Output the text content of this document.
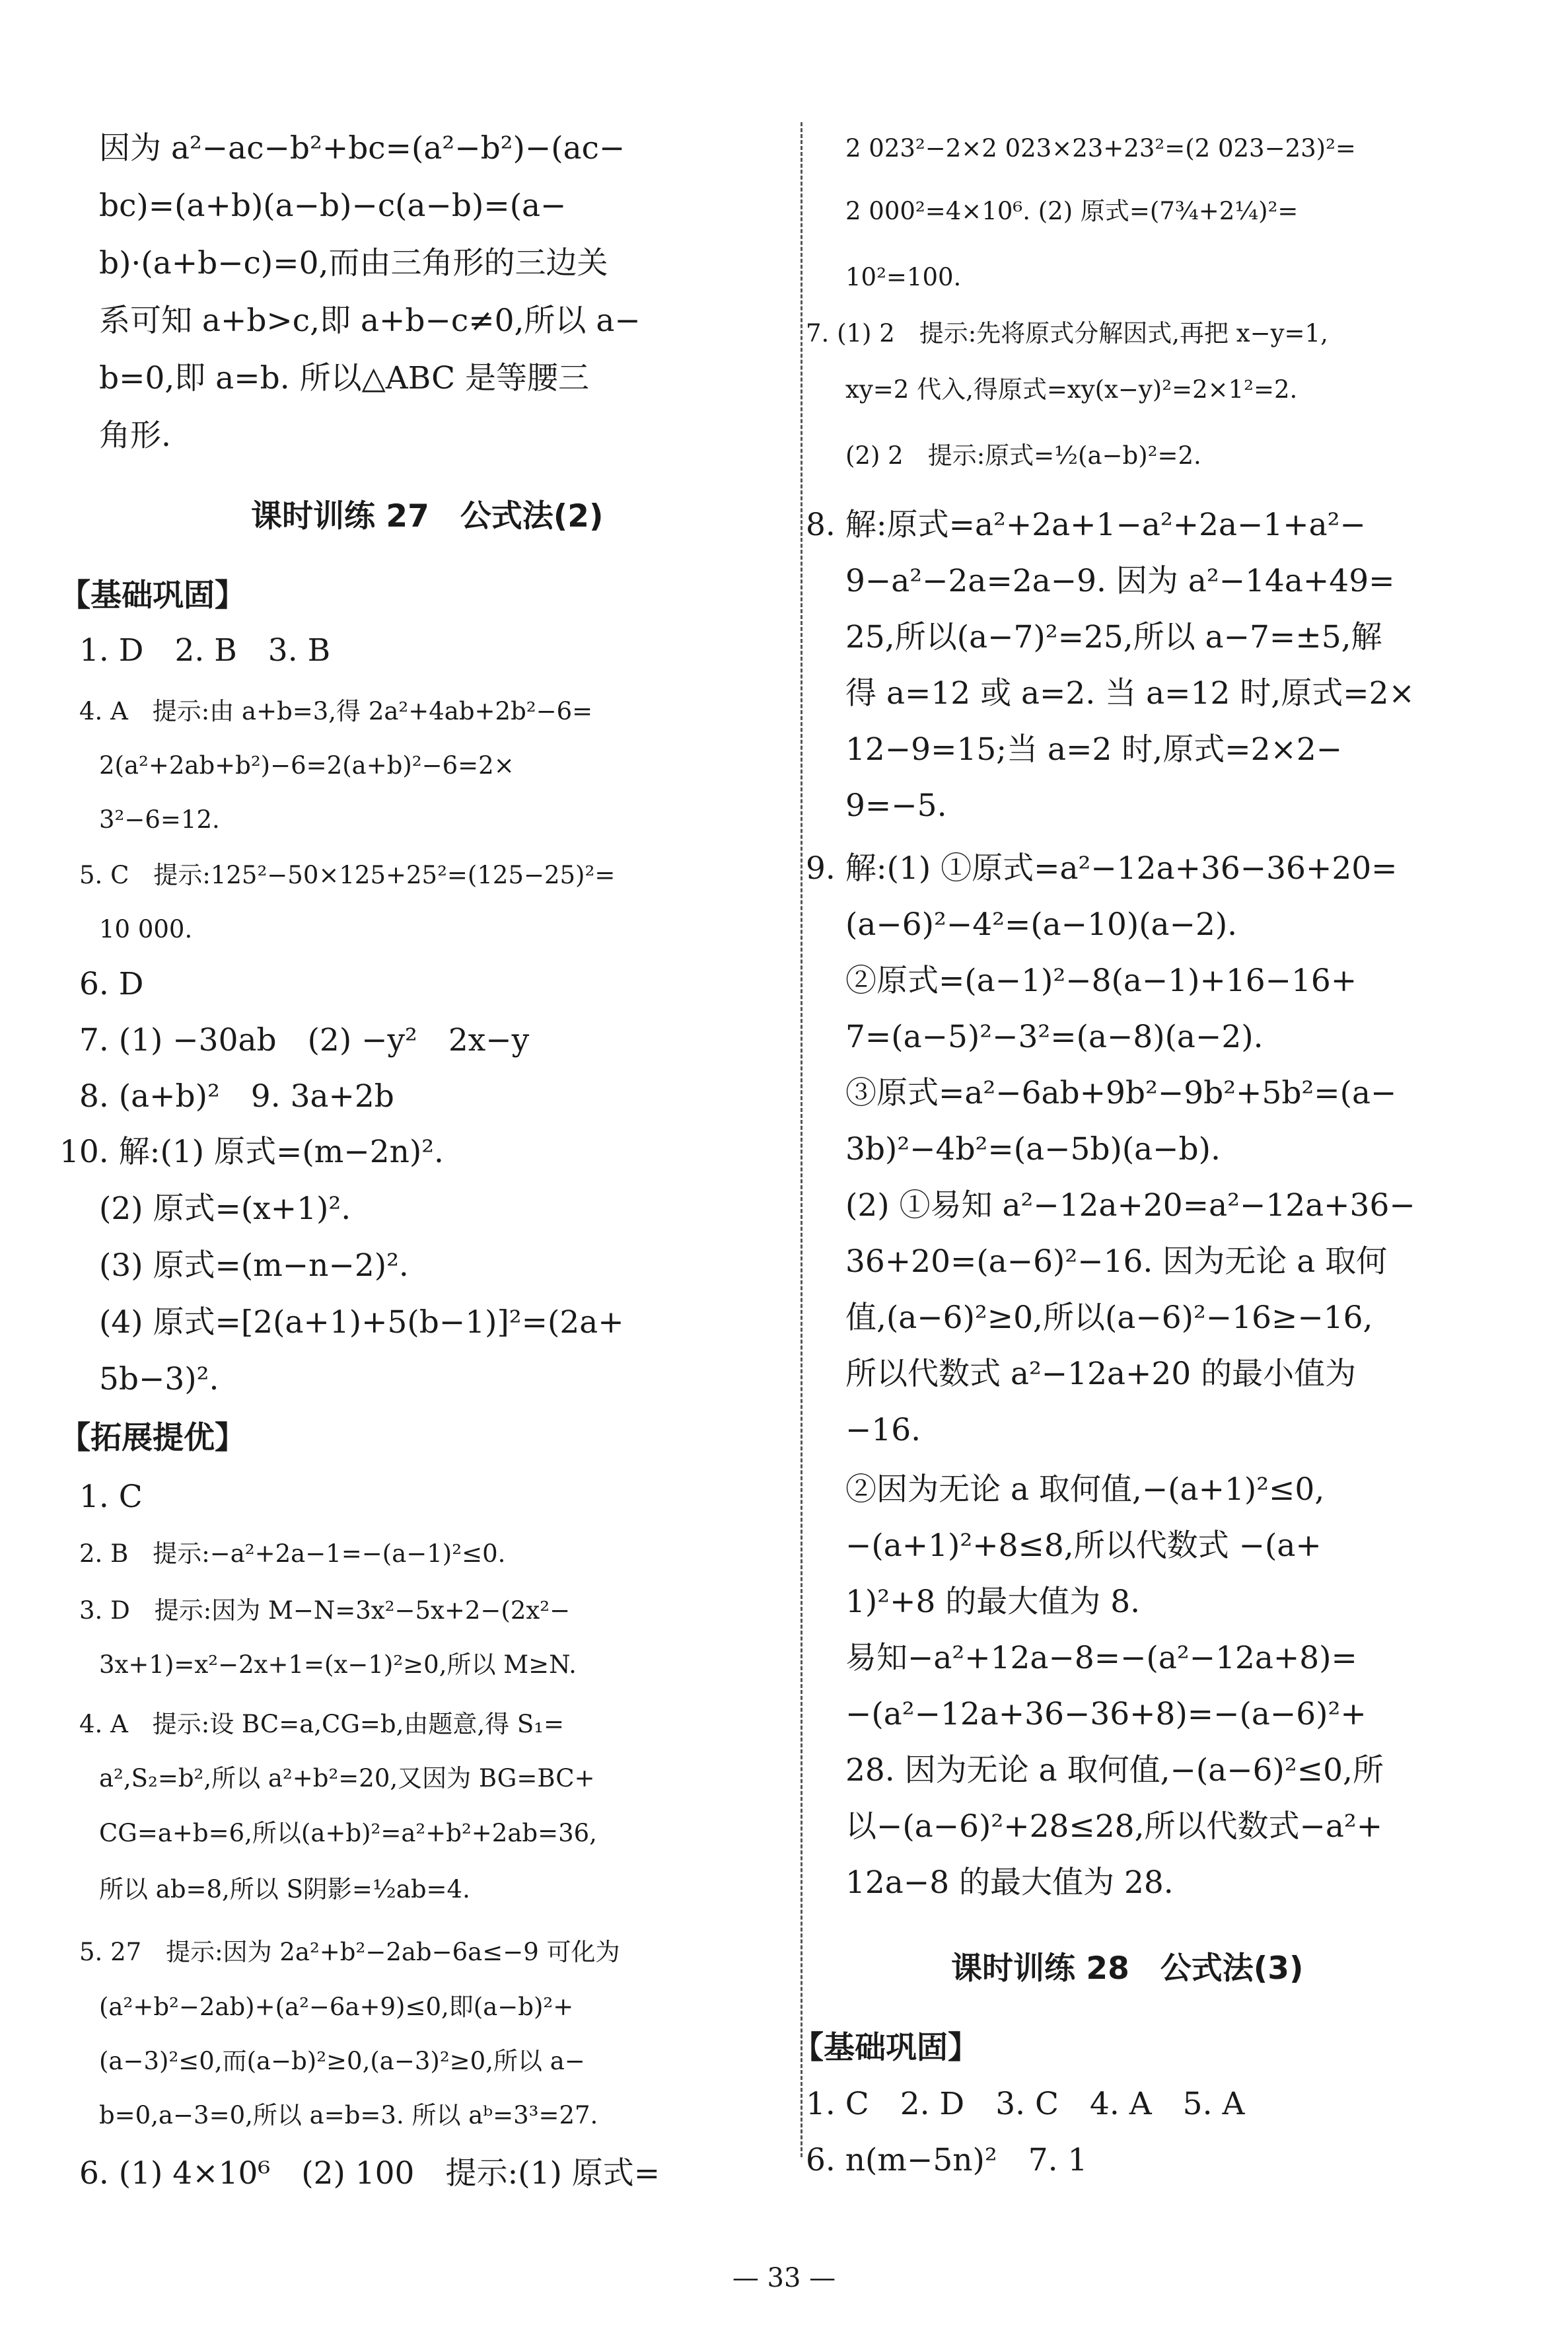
因为 a²−ac−b²+bc=(a²−b²)−(ac−
bc)=(a+b)(a−b)−c(a−b)=(a−
b)·(a+b−c)=0,而由三角形的三边关
系可知 a+b>c,即 a+b−c≠0,所以 a−
b=0,即 a=b. 所以△ABC 是等腰三
角形.
课时训练 27　公式法(2)
【基础巩固】
1. D　2. B　3. B
4. A　提示:由 a+b=3,得 2a²+4ab+2b²−6=
2(a²+2ab+b²)−6=2(a+b)²−6=2×
3²−6=12.
5. C　提示:125²−50×125+25²=(125−25)²=
10 000.
6. D
7. (1) −30ab　(2) −y²　2x−y
8. (a+b)²　9. 3a+2b
10. 解:(1) 原式=(m−2n)².
(2) 原式=(x+1)².
(3) 原式=(m−n−2)².
(4) 原式=[2(a+1)+5(b−1)]²=(2a+
5b−3)².
【拓展提优】
1. C
2. B　提示:−a²+2a−1=−(a−1)²≤0.
3. D　提示:因为 M−N=3x²−5x+2−(2x²−
3x+1)=x²−2x+1=(x−1)²≥0,所以 M≥N.
4. A　提示:设 BC=a,CG=b,由题意,得 S₁=
a²,S₂=b²,所以 a²+b²=20,又因为 BG=BC+
CG=a+b=6,所以(a+b)²=a²+b²+2ab=36,
所以 ab=8,所以 S阴影=½ab=4.
5. 27　提示:因为 2a²+b²−2ab−6a≤−9 可化为
(a²+b²−2ab)+(a²−6a+9)≤0,即(a−b)²+
(a−3)²≤0,而(a−b)²≥0,(a−3)²≥0,所以 a−
b=0,a−3=0,所以 a=b=3. 所以 aᵇ=3³=27.
6. (1) 4×10⁶　(2) 100　提示:(1) 原式=
2 023²−2×2 023×23+23²=(2 023−23)²=
2 000²=4×10⁶. (2) 原式=(7¾+2¼)²=
10²=100.
7. (1) 2　提示:先将原式分解因式,再把 x−y=1,
xy=2 代入,得原式=xy(x−y)²=2×1²=2.
(2) 2　提示:原式=½(a−b)²=2.
8. 解:原式=a²+2a+1−a²+2a−1+a²−
9−a²−2a=2a−9. 因为 a²−14a+49=
25,所以(a−7)²=25,所以 a−7=±5,解
得 a=12 或 a=2. 当 a=12 时,原式=2×
12−9=15;当 a=2 时,原式=2×2−
9=−5.
9. 解:(1) ①原式=a²−12a+36−36+20=
(a−6)²−4²=(a−10)(a−2).
②原式=(a−1)²−8(a−1)+16−16+
7=(a−5)²−3²=(a−8)(a−2).
③原式=a²−6ab+9b²−9b²+5b²=(a−
3b)²−4b²=(a−5b)(a−b).
(2) ①易知 a²−12a+20=a²−12a+36−
36+20=(a−6)²−16. 因为无论 a 取何
值,(a−6)²≥0,所以(a−6)²−16≥−16,
所以代数式 a²−12a+20 的最小值为
−16.
②因为无论 a 取何值,−(a+1)²≤0,
−(a+1)²+8≤8,所以代数式 −(a+
1)²+8 的最大值为 8.
易知−a²+12a−8=−(a²−12a+8)=
−(a²−12a+36−36+8)=−(a−6)²+
28. 因为无论 a 取何值,−(a−6)²≤0,所
以−(a−6)²+28≤28,所以代数式−a²+
12a−8 的最大值为 28.
课时训练 28　公式法(3)
【基础巩固】
1. C　2. D　3. C　4. A　5. A
6. n(m−5n)²　7. 1
— 33 —
